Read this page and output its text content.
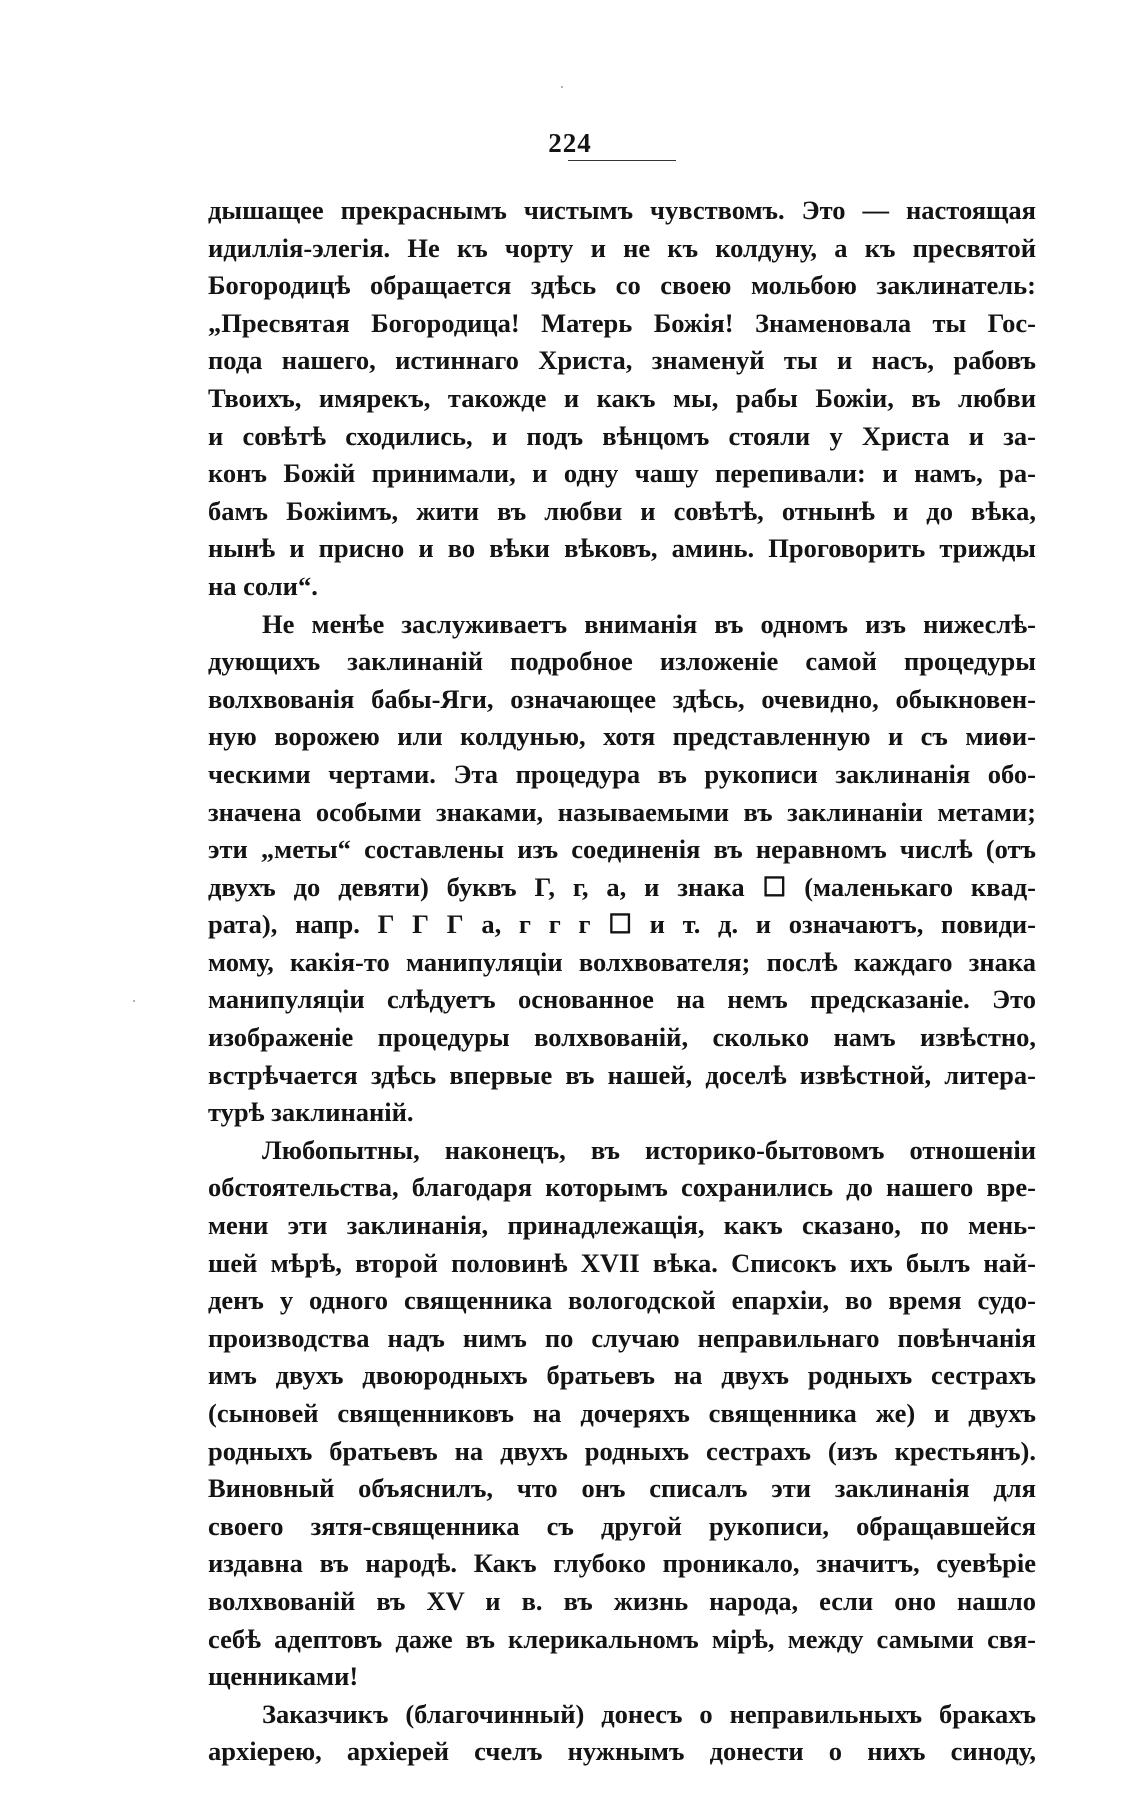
224
дышащее прекраснымъ чистымъ чувствомъ. Это — настоящая
идиллія-элегія. Не къ чорту и не къ колдуну, а къ пресвятой
Богородицѣ обращается здѣсь со своею мольбою заклинатель:
„Пресвятая Богородица! Матерь Божія! Знаменовала ты Гос-
пода нашего, истиннаго Христа, знаменуй ты и насъ, рабовъ
Твоихъ, имярекъ, такожде и какъ мы, рабы Божіи, въ любви
и совѣтѣ сходились, и подъ вѣнцомъ стояли у Христа и за-
конъ Божій принимали, и одну чашу перепивали: и намъ, ра-
бамъ Божіимъ, жити въ любви и совѣтѣ, отнынѣ и до вѣка,
нынѣ и присно и во вѣки вѣковъ, аминь. Проговорить трижды
на соли“.
Не менѣе заслуживаетъ вниманія въ одномъ изъ нижеслѣ-
дующихъ заклинаній подробное изложеніе самой процедуры
волхвованія бабы-Яги, означающее здѣсь, очевидно, обыкновен-
ную ворожею или колдунью, хотя представленную и съ миѳи-
ческими чертами. Эта процедура въ рукописи заклинанія обо-
значена особыми знаками, называемыми въ заклинаніи метами;
эти „меты“ составлены изъ соединенія въ неравномъ числѣ (отъ
двухъ до девяти) буквъ Г, г, а, и знака ☐ (маленькаго квад-
рата), напр. Г Г Г а, г г г ☐ и т. д. и означаютъ, повиди-
мому, какія-то манипуляціи волхвователя; послѣ каждаго знака
манипуляціи слѣдуетъ основанное на немъ предсказаніе. Это
изображеніе процедуры волхвованій, сколько намъ извѣстно,
встрѣчается здѣсь впервые въ нашей, доселѣ извѣстной, литера-
турѣ заклинаній.
Любопытны, наконецъ, въ историко-бытовомъ отношеніи
обстоятельства, благодаря которымъ сохранились до нашего вре-
мени эти заклинанія, принадлежащія, какъ сказано, по мень-
шей мѣрѣ, второй половинѣ XVII вѣка. Списокъ ихъ былъ най-
денъ у одного священника вологодской епархіи, во время судо-
производства надъ нимъ по случаю неправильнаго повѣнчанія
имъ двухъ двоюродныхъ братьевъ на двухъ родныхъ сестрахъ
(сыновей священниковъ на дочеряхъ священника же) и двухъ
родныхъ братьевъ на двухъ родныхъ сестрахъ (изъ крестьянъ).
Виновный объяснилъ, что онъ списалъ эти заклинанія для
своего зятя-священника съ другой рукописи, обращавшейся
издавна въ народѣ. Какъ глубоко проникало, значитъ, суевѣріе
волхвованій въ XV и в. въ жизнь народа, если оно нашло
себѣ адептовъ даже въ клерикальномъ мірѣ, между самыми свя-
щенниками!
Заказчикъ (благочинный) донесъ о неправильныхъ бракахъ
архіерею, архіерей счелъ нужнымъ донести о нихъ синоду,
